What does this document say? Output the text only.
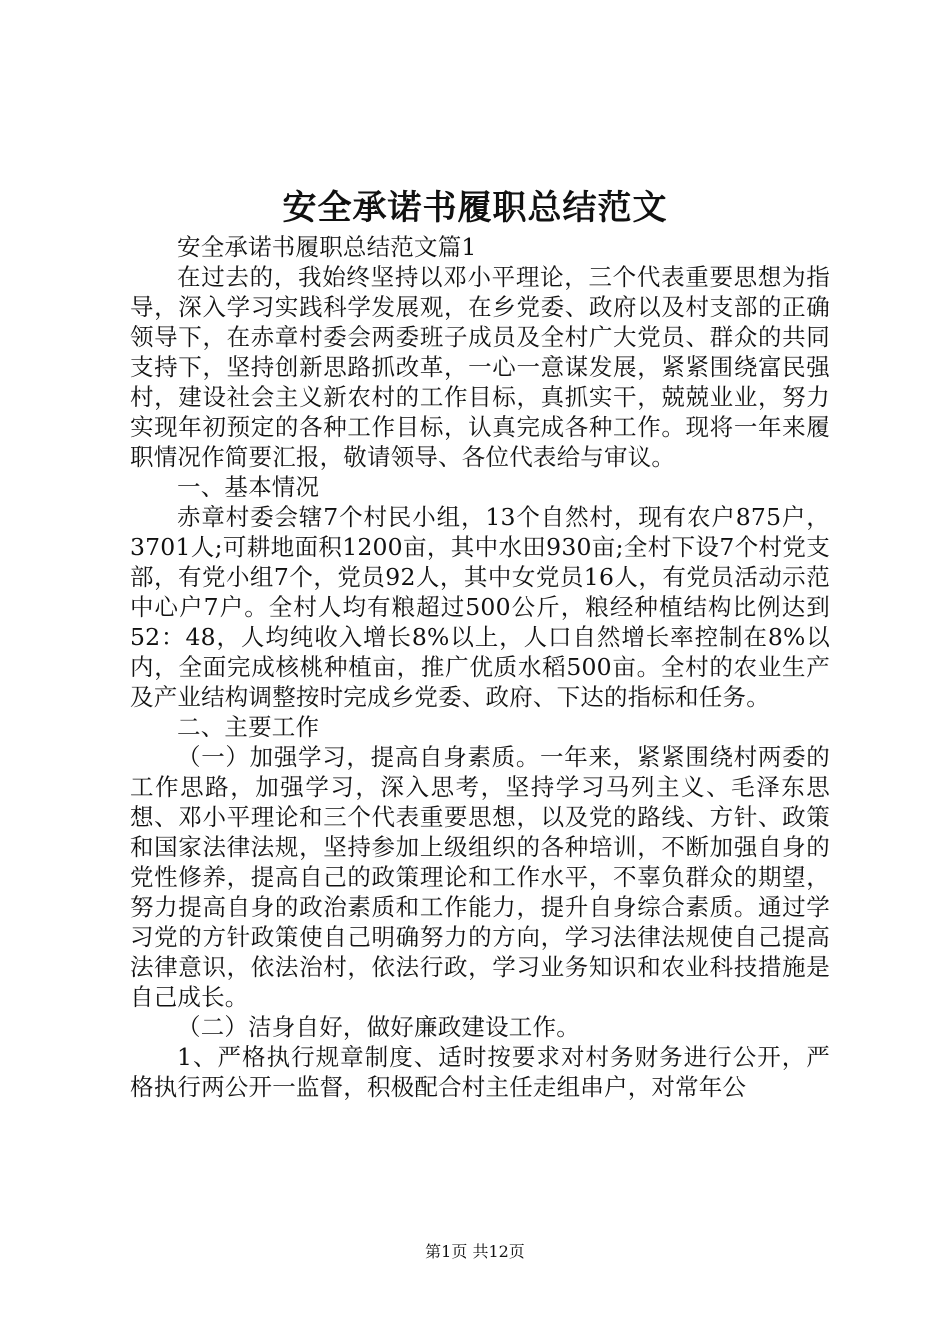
安全承诺书履职总结范文

安全承诺书履职总结范文篇1

在过去的，我始终坚持以邓小平理论，三个代表重要思想为指导，深入学习实践科学发展观，在乡党委、政府以及村支部的正确领导下，在赤章村委会两委班子成员及全村广大党员、群众的共同支持下，坚持创新思路抓改革，一心一意谋发展，紧紧围绕富民强村，建设社会主义新农村的工作目标，真抓实干，兢兢业业，努力实现年初预定的各种工作目标，认真完成各种工作。现将一年来履职情况作简要汇报，敬请领导、各位代表给与审议。

一、基本情况

赤章村委会辖7个村民小组，13个自然村，现有农户875户，3701人;可耕地面积1200亩，其中水田930亩;全村下设7个村党支部，有党小组7个，党员92人，其中女党员16人，有党员活动示范中心户7户。全村人均有粮超过500公斤，粮经种植结构比例达到52：48，人均纯收入增长8%以上，人口自然增长率控制在8%以内，全面完成核桃种植亩，推广优质水稻500亩。全村的农业生产及产业结构调整按时完成乡党委、政府、下达的指标和任务。

二、主要工作

（一）加强学习，提高自身素质。一年来，紧紧围绕村两委的工作思路，加强学习，深入思考，坚持学习马列主义、毛泽东思想、邓小平理论和三个代表重要思想，以及党的路线、方针、政策和国家法律法规，坚持参加上级组织的各种培训，不断加强自身的党性修养，提高自己的政策理论和工作水平，不辜负群众的期望，努力提高自身的政治素质和工作能力，提升自身综合素质。通过学习党的方针政策使自己明确努力的方向，学习法律法规使自己提高法律意识，依法治村，依法行政，学习业务知识和农业科技措施是自己成长。

（二）洁身自好，做好廉政建设工作。

1、严格执行规章制度、适时按要求对村务财务进行公开，严格执行两公开一监督，积极配合村主任走组串户，对常年公

第1页 共12页
